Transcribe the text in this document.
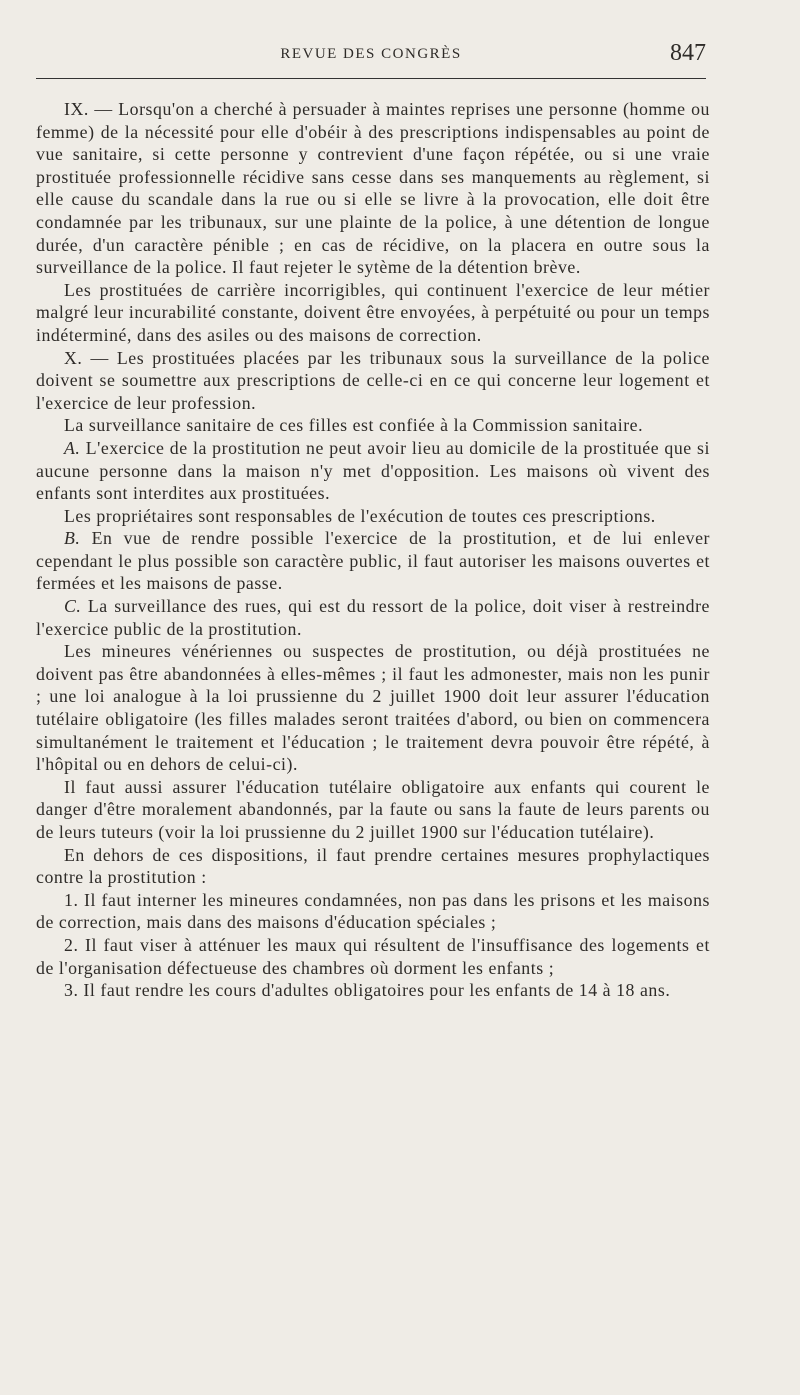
REVUE DES CONGRÈS	847

IX. — Lorsqu'on a cherché à persuader à maintes reprises une personne (homme ou femme) de la nécessité pour elle d'obéir à des prescriptions indispensables au point de vue sanitaire, si cette personne y contrevient d'une façon répétée, ou si une vraie prostituée professionnelle récidive sans cesse dans ses manquements au règlement, si elle cause du scandale dans la rue ou si elle se livre à la provocation, elle doit être condamnée par les tribunaux, sur une plainte de la police, à une détention de longue durée, d'un caractère pénible ; en cas de récidive, on la placera en outre sous la surveillance de la police. Il faut rejeter le sytème de la détention brève.

Les prostituées de carrière incorrigibles, qui continuent l'exercice de leur métier malgré leur incurabilité constante, doivent être envoyées, à perpétuité ou pour un temps indéterminé, dans des asiles ou des maisons de correction.

X. — Les prostituées placées par les tribunaux sous la surveillance de la police doivent se soumettre aux prescriptions de celle-ci en ce qui concerne leur logement et l'exercice de leur profession.

La surveillance sanitaire de ces filles est confiée à la Commission sanitaire.

A. L'exercice de la prostitution ne peut avoir lieu au domicile de la prostituée que si aucune personne dans la maison n'y met d'opposition. Les maisons où vivent des enfants sont interdites aux prostituées.

Les propriétaires sont responsables de l'exécution de toutes ces prescriptions.

B. En vue de rendre possible l'exercice de la prostitution, et de lui enlever cependant le plus possible son caractère public, il faut autoriser les maisons ouvertes et fermées et les maisons de passe.

C. La surveillance des rues, qui est du ressort de la police, doit viser à restreindre l'exercice public de la prostitution.

Les mineures vénériennes ou suspectes de prostitution, ou déjà prostituées ne doivent pas être abandonnées à elles-mêmes ; il faut les admonester, mais non les punir ; une loi analogue à la loi prussienne du 2 juillet 1900 doit leur assurer l'éducation tutélaire obligatoire (les filles malades seront traitées d'abord, ou bien on commencera simultanément le traitement et l'éducation ; le traitement devra pouvoir être répété, à l'hôpital ou en dehors de celui-ci).

Il faut aussi assurer l'éducation tutélaire obligatoire aux enfants qui courent le danger d'être moralement abandonnés, par la faute ou sans la faute de leurs parents ou de leurs tuteurs (voir la loi prussienne du 2 juillet 1900 sur l'éducation tutélaire).

En dehors de ces dispositions, il faut prendre certaines mesures prophylactiques contre la prostitution :

1. Il faut interner les mineures condamnées, non pas dans les prisons et les maisons de correction, mais dans des maisons d'éducation spéciales ;

2. Il faut viser à atténuer les maux qui résultent de l'insuffisance des logements et de l'organisation défectueuse des chambres où dorment les enfants ;

3. Il faut rendre les cours d'adultes obligatoires pour les enfants de 14 à 18 ans.
